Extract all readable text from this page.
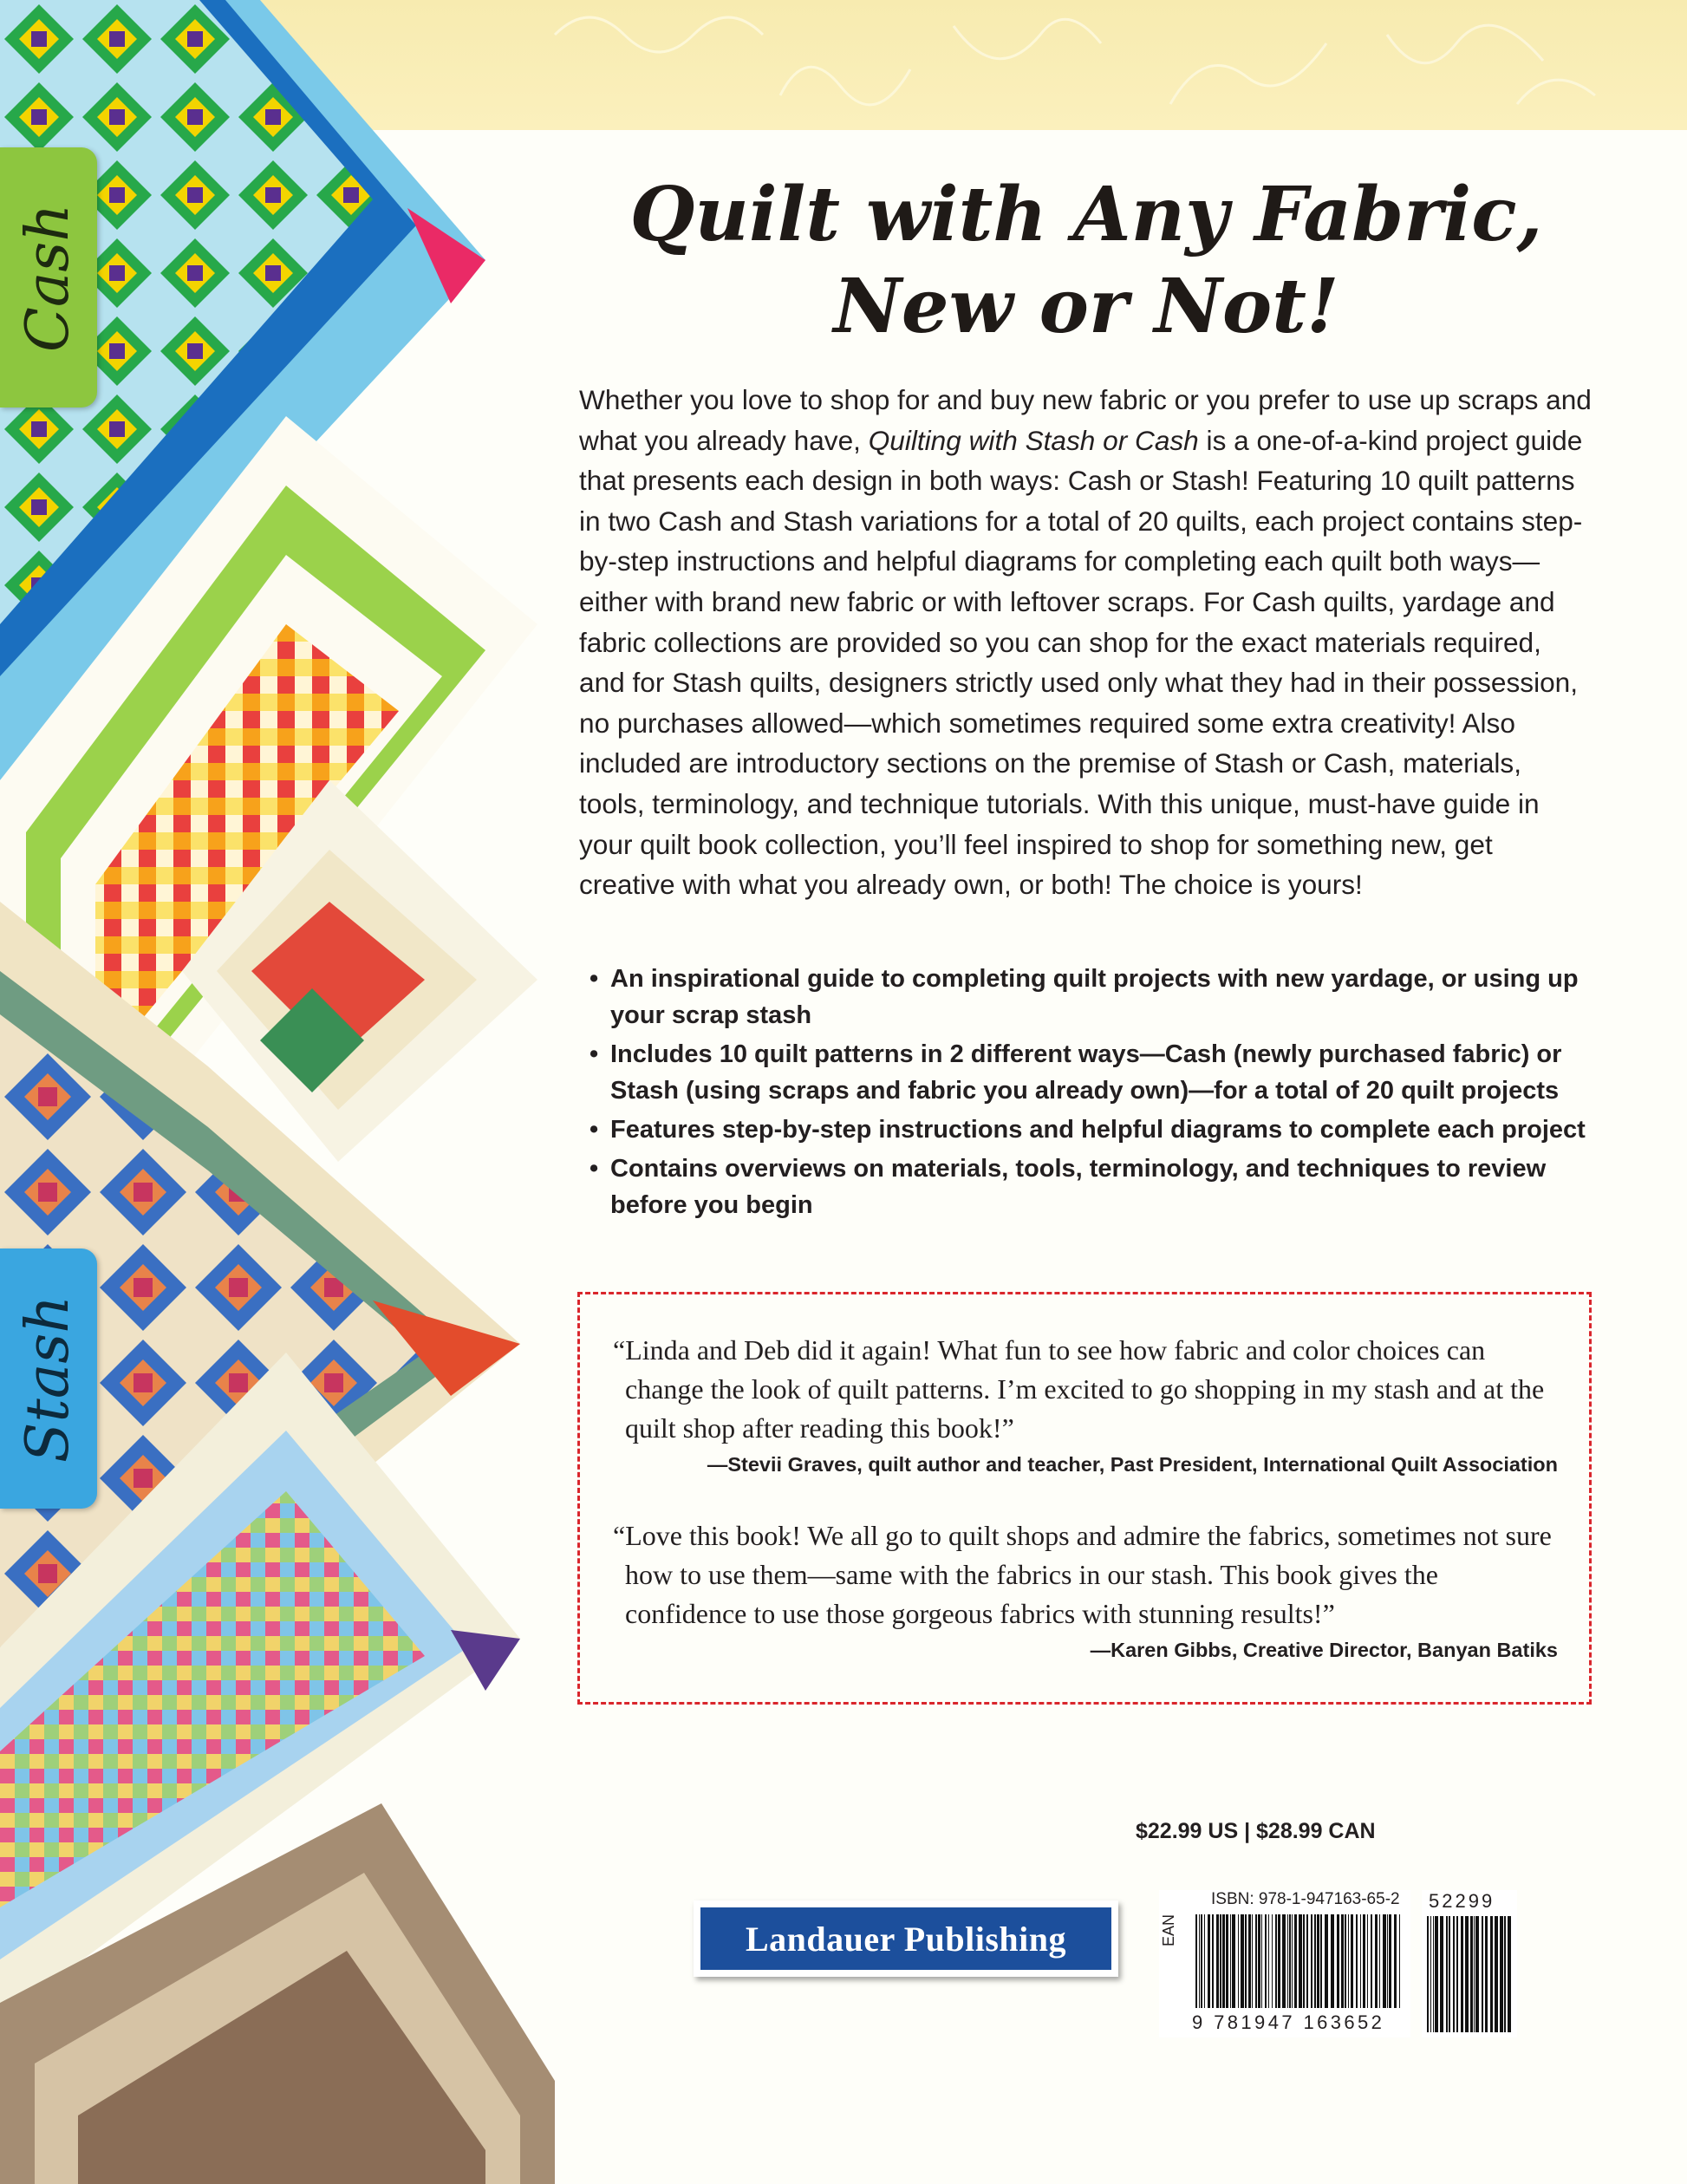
Cash
Stash
Quilt with Any Fabric,
New or Not!

Whether you love to shop for and buy new fabric or you prefer to use up scraps and what you already have, Quilting with Stash or Cash is a one-of-a-kind project guide that presents each design in both ways: Cash or Stash! Featuring 10 quilt patterns in two Cash and Stash variations for a total of 20 quilts, each project contains step-by-step instructions and helpful diagrams for completing each quilt both ways—either with brand new fabric or with leftover scraps. For Cash quilts, yardage and fabric collections are provided so you can shop for the exact materials required, and for Stash quilts, designers strictly used only what they had in their possession, no purchases allowed—which sometimes required some extra creativity! Also included are introductory sections on the premise of Stash or Cash, materials, tools, terminology, and technique tutorials. With this unique, must-have guide in your quilt book collection, you’ll feel inspired to shop for something new, get creative with what you already own, or both! The choice is yours!

• An inspirational guide to completing quilt projects with new yardage, or using up your scrap stash
• Includes 10 quilt patterns in 2 different ways—Cash (newly purchased fabric) or Stash (using scraps and fabric you already own)—for a total of 20 quilt projects
• Features step-by-step instructions and helpful diagrams to complete each project
• Contains overviews on materials, tools, terminology, and techniques to review before you begin
“Linda and Deb did it again! What fun to see how fabric and color choices can change the look of quilt patterns. I’m excited to go shopping in my stash and at the quilt shop after reading this book!”
—Stevii Graves, quilt author and teacher, Past President, International Quilt Association
“Love this book! We all go to quilt shops and admire the fabrics, sometimes not sure how to use them—same with the fabrics in our stash. This book gives the confidence to use those gorgeous fabrics with stunning results!”
—Karen Gibbs, Creative Director, Banyan Batiks
$22.99 US | $28.99 CAN
Landauer Publishing
ISBN: 978-1-947163-65-2
EAN
9 781947 163652
52299
